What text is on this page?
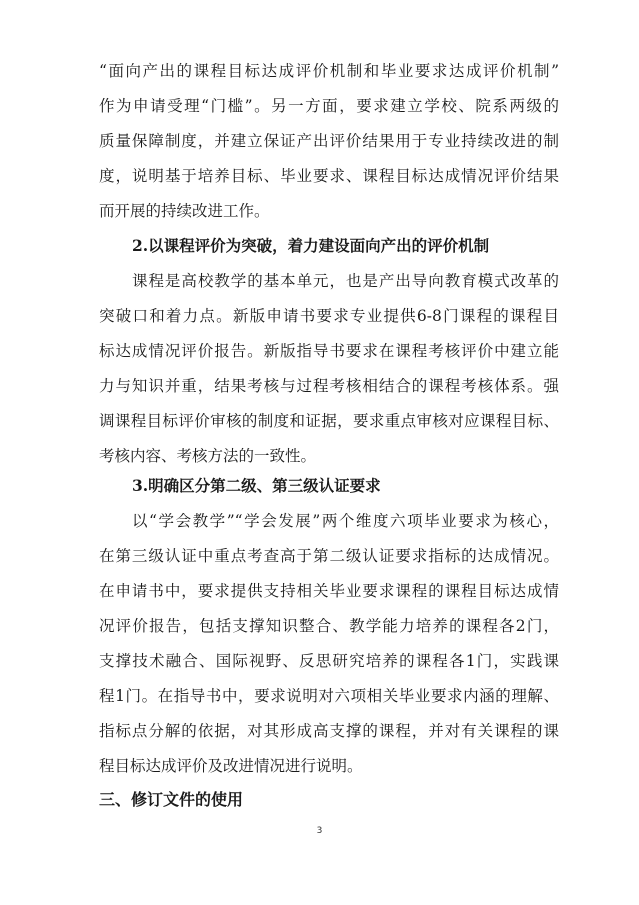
“面向产出的课程目标达成评价机制和毕业要求达成评价机制”
作为申请受理“门槛”。另一方面，要求建立学校、院系两级的
质量保障制度，并建立保证产出评价结果用于专业持续改进的制
度，说明基于培养目标、毕业要求、课程目标达成情况评价结果
而开展的持续改进工作。
2.以课程评价为突破，着力建设面向产出的评价机制
课程是高校教学的基本单元，也是产出导向教育模式改革的
突破口和着力点。新版申请书要求专业提供6-8门课程的课程目
标达成情况评价报告。新版指导书要求在课程考核评价中建立能
力与知识并重，结果考核与过程考核相结合的课程考核体系。强
调课程目标评价审核的制度和证据，要求重点审核对应课程目标、
考核内容、考核方法的一致性。
3.明确区分第二级、第三级认证要求
以“学会教学”“学会发展”两个维度六项毕业要求为核心，
在第三级认证中重点考查高于第二级认证要求指标的达成情况。
在申请书中，要求提供支持相关毕业要求课程的课程目标达成情
况评价报告，包括支撑知识整合、教学能力培养的课程各2门，
支撑技术融合、国际视野、反思研究培养的课程各1门，实践课
程1门。在指导书中，要求说明对六项相关毕业要求内涵的理解、
指标点分解的依据，对其形成高支撑的课程，并对有关课程的课
程目标达成评价及改进情况进行说明。
三、修订文件的使用
3
